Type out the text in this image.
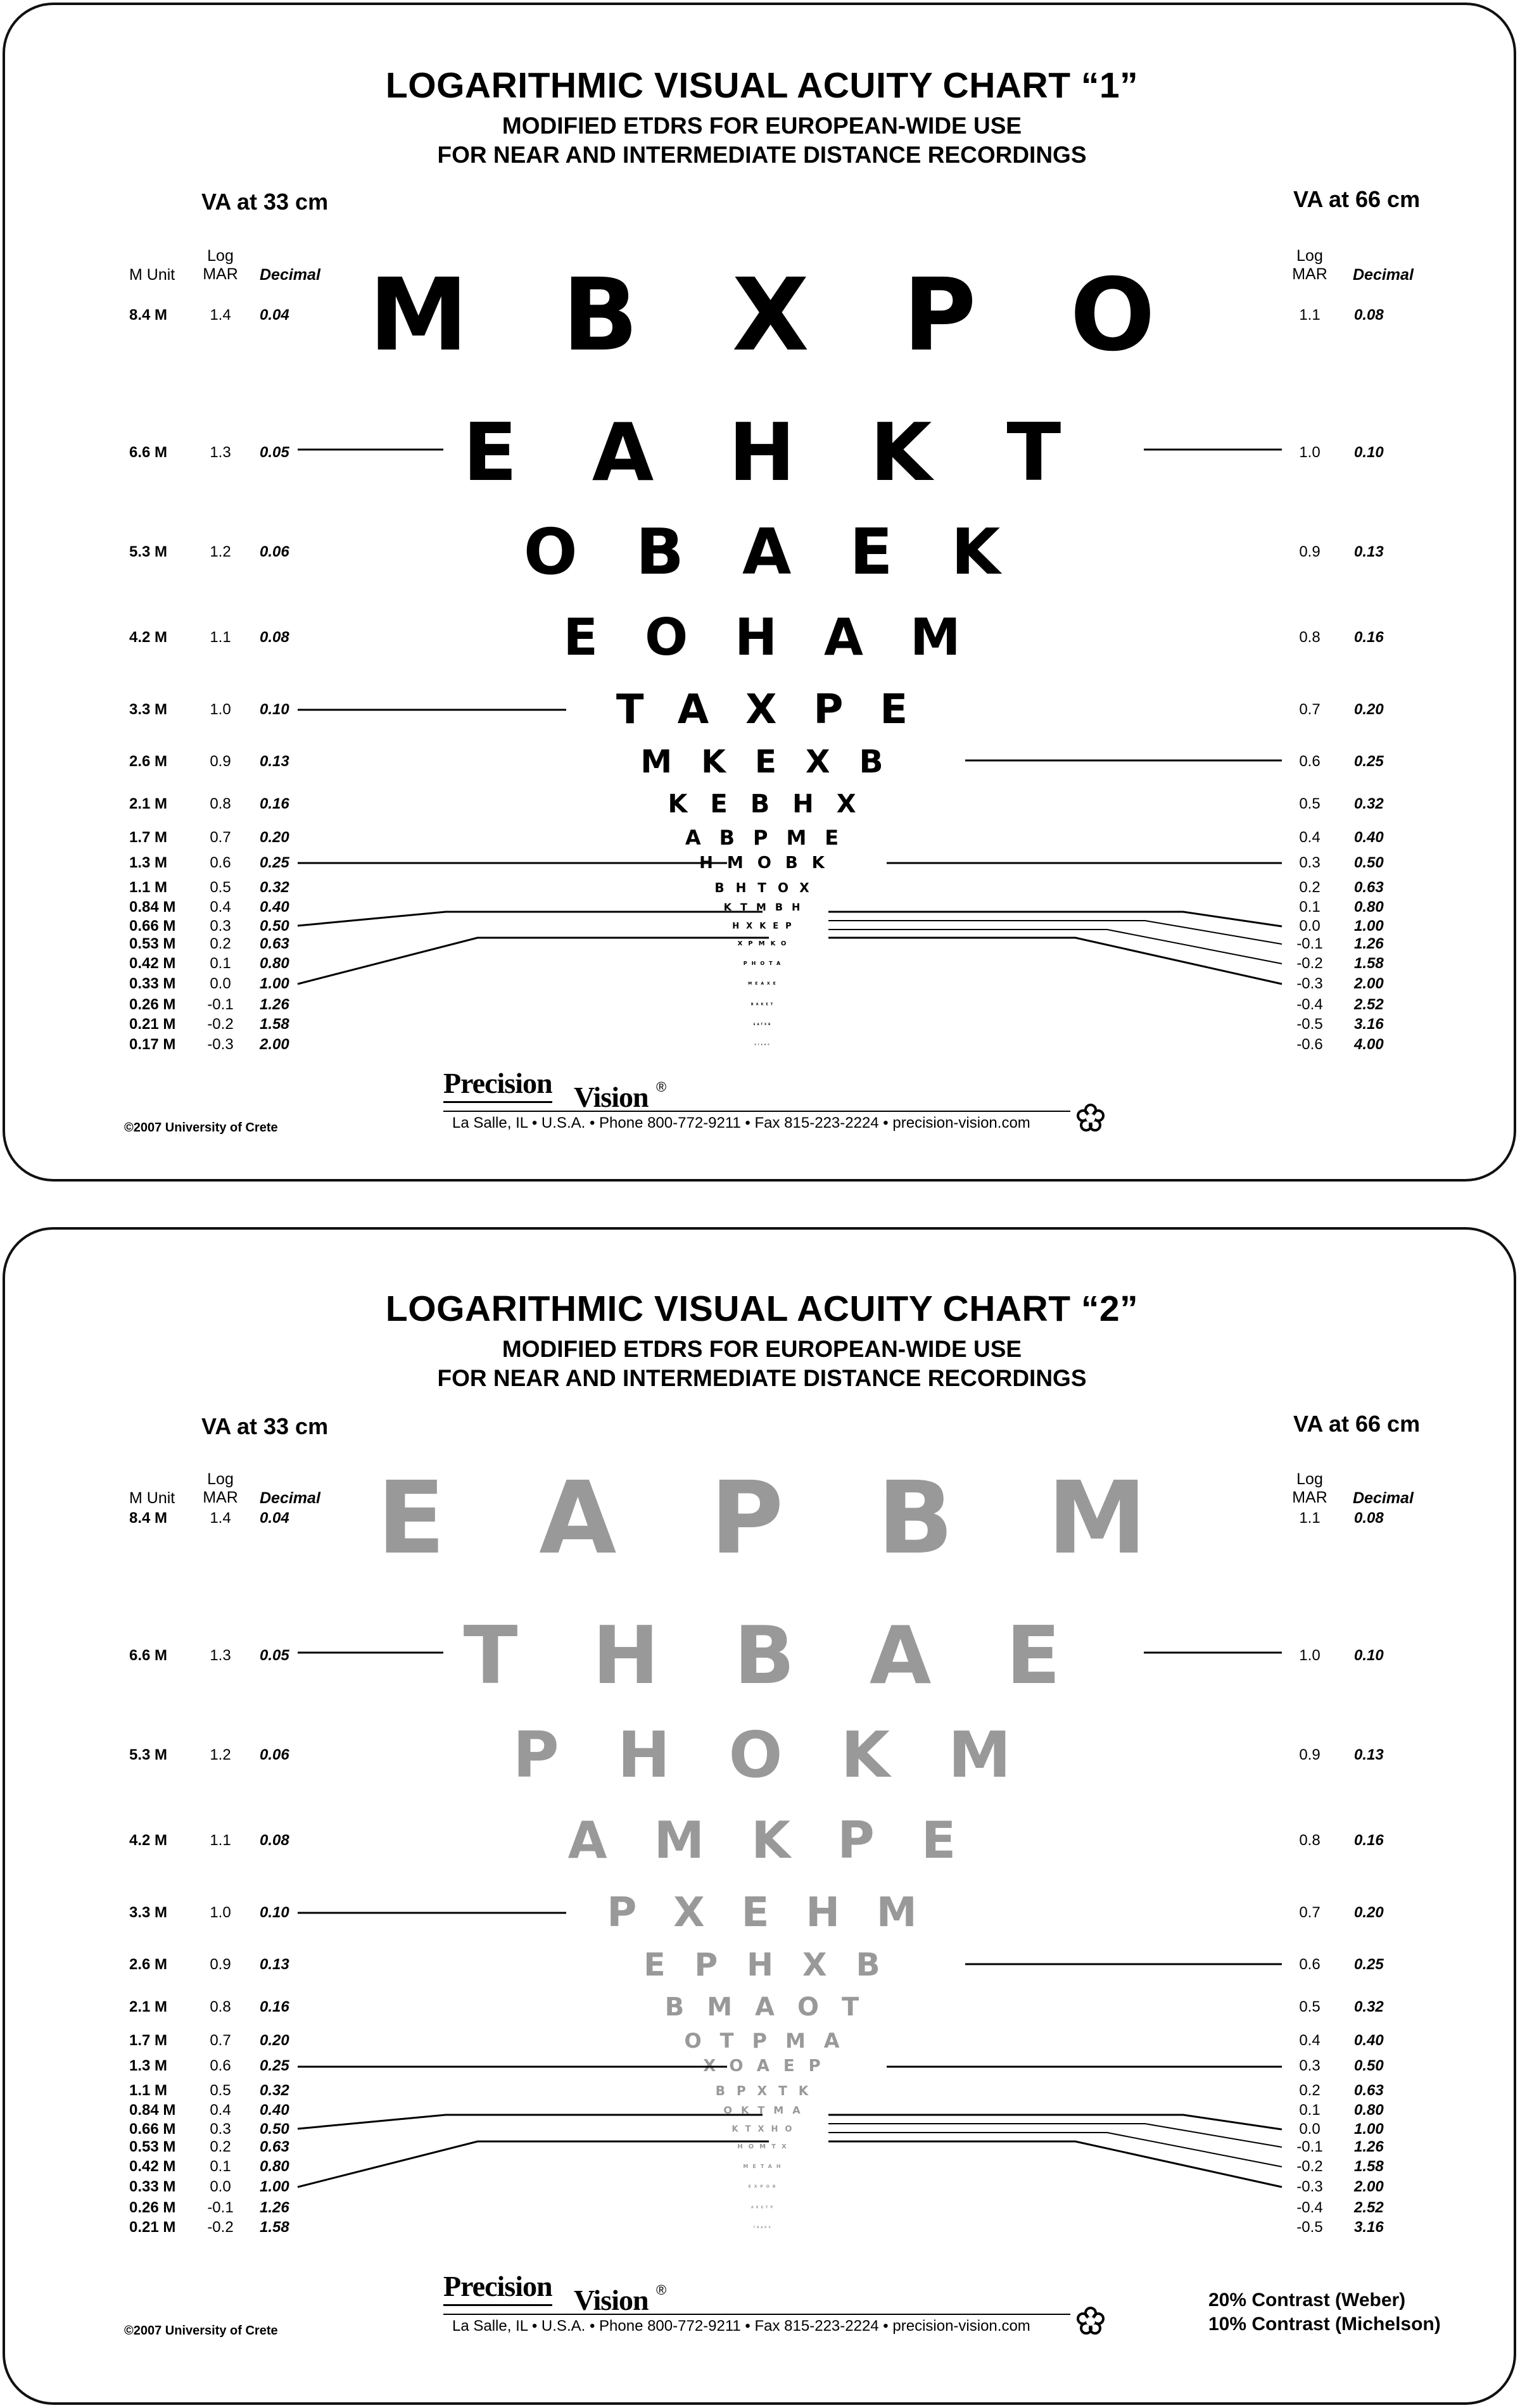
LOGARITHMIC VISUAL ACUITY CHART “1”
MODIFIED ETDRS FOR EUROPEAN-WIDE USE
FOR NEAR AND INTERMEDIATE DISTANCE RECORDINGS
VA at 33 cm	VA at 66 cm
M Unit
Log
MAR	Decimal
Log
MAR	Decimal
8.4 M	1.4	0.04	1.1	0.08
MBXPO
6.6 M	1.3	0.05	1.0	0.10
EAHKT
5.3 M	1.2	0.06	0.9	0.13
OBAEK
4.2 M	1.1	0.08	0.8	0.16
EOHAM
3.3 M	1.0	0.10	0.7	0.20
TAXPE
2.6 M	0.9	0.13	0.6	0.25
MKEXB
2.1 M	0.8	0.16	0.5	0.32
KEBHX
1.7 M	0.7	0.20	0.4	0.40
ABPME
1.3 M	0.6	0.25	0.3	0.50
HMOBK
1.1 M	0.5	0.32	0.2	0.63
BHTOX
0.84 M	0.4	0.40	0.1	0.80
KTMBH
0.66 M	0.3	0.50	0.0	1.00
HXKEP
0.53 M	0.2	0.63	-0.1	1.26
XPMKO
0.42 M	0.1	0.80	-0.2	1.58
PHOTA
0.33 M	0.0	1.00	-0.3	2.00
MEAXE
0.26 M	-0.1	1.26	-0.4	2.52
BAKET
0.21 M	-0.2	1.58	-0.5	3.16
EATXB
0.17 M	-0.3	2.00	-0.6	4.00
XTEHP
©2007 University of Crete
Precision Vision ®
La Salle, IL • U.S.A. • Phone 800-772-9211 • Fax 815-223-2224 • precision-vision.com
LOGARITHMIC VISUAL ACUITY CHART “2”
MODIFIED ETDRS FOR EUROPEAN-WIDE USE
FOR NEAR AND INTERMEDIATE DISTANCE RECORDINGS
VA at 33 cm	VA at 66 cm
M Unit
Log
MAR	Decimal
Log
MAR	Decimal
8.4 M	1.4	0.04	1.1	0.08
EAPBM
6.6 M	1.3	0.05	1.0	0.10
THBAE
5.3 M	1.2	0.06	0.9	0.13
PHOKM
4.2 M	1.1	0.08	0.8	0.16
AMKPE
3.3 M	1.0	0.10	0.7	0.20
PXEHM
2.6 M	0.9	0.13	0.6	0.25
EPHXB
2.1 M	0.8	0.16	0.5	0.32
BMAOT
1.7 M	0.7	0.20	0.4	0.40
OTPMA
1.3 M	0.6	0.25	0.3	0.50
XOAEP
1.1 M	0.5	0.32	0.2	0.63
BPXTK
0.84 M	0.4	0.40	0.1	0.80
OKTMA
0.66 M	0.3	0.50	0.0	1.00
KTXHO
0.53 M	0.2	0.63	-0.1	1.26
HOMTX
0.42 M	0.1	0.80	-0.2	1.58
METAH
0.33 M	0.0	1.00	-0.3	2.00
EXPOB
0.26 M	-0.1	1.26	-0.4	2.52
AKETP
0.21 M	-0.2	1.58	-0.5	3.16
TBAKX
©2007 University of Crete
Precision Vision ®
La Salle, IL • U.S.A. • Phone 800-772-9211 • Fax 815-223-2224 • precision-vision.com
20% Contrast (Weber)
10% Contrast (Michelson)
